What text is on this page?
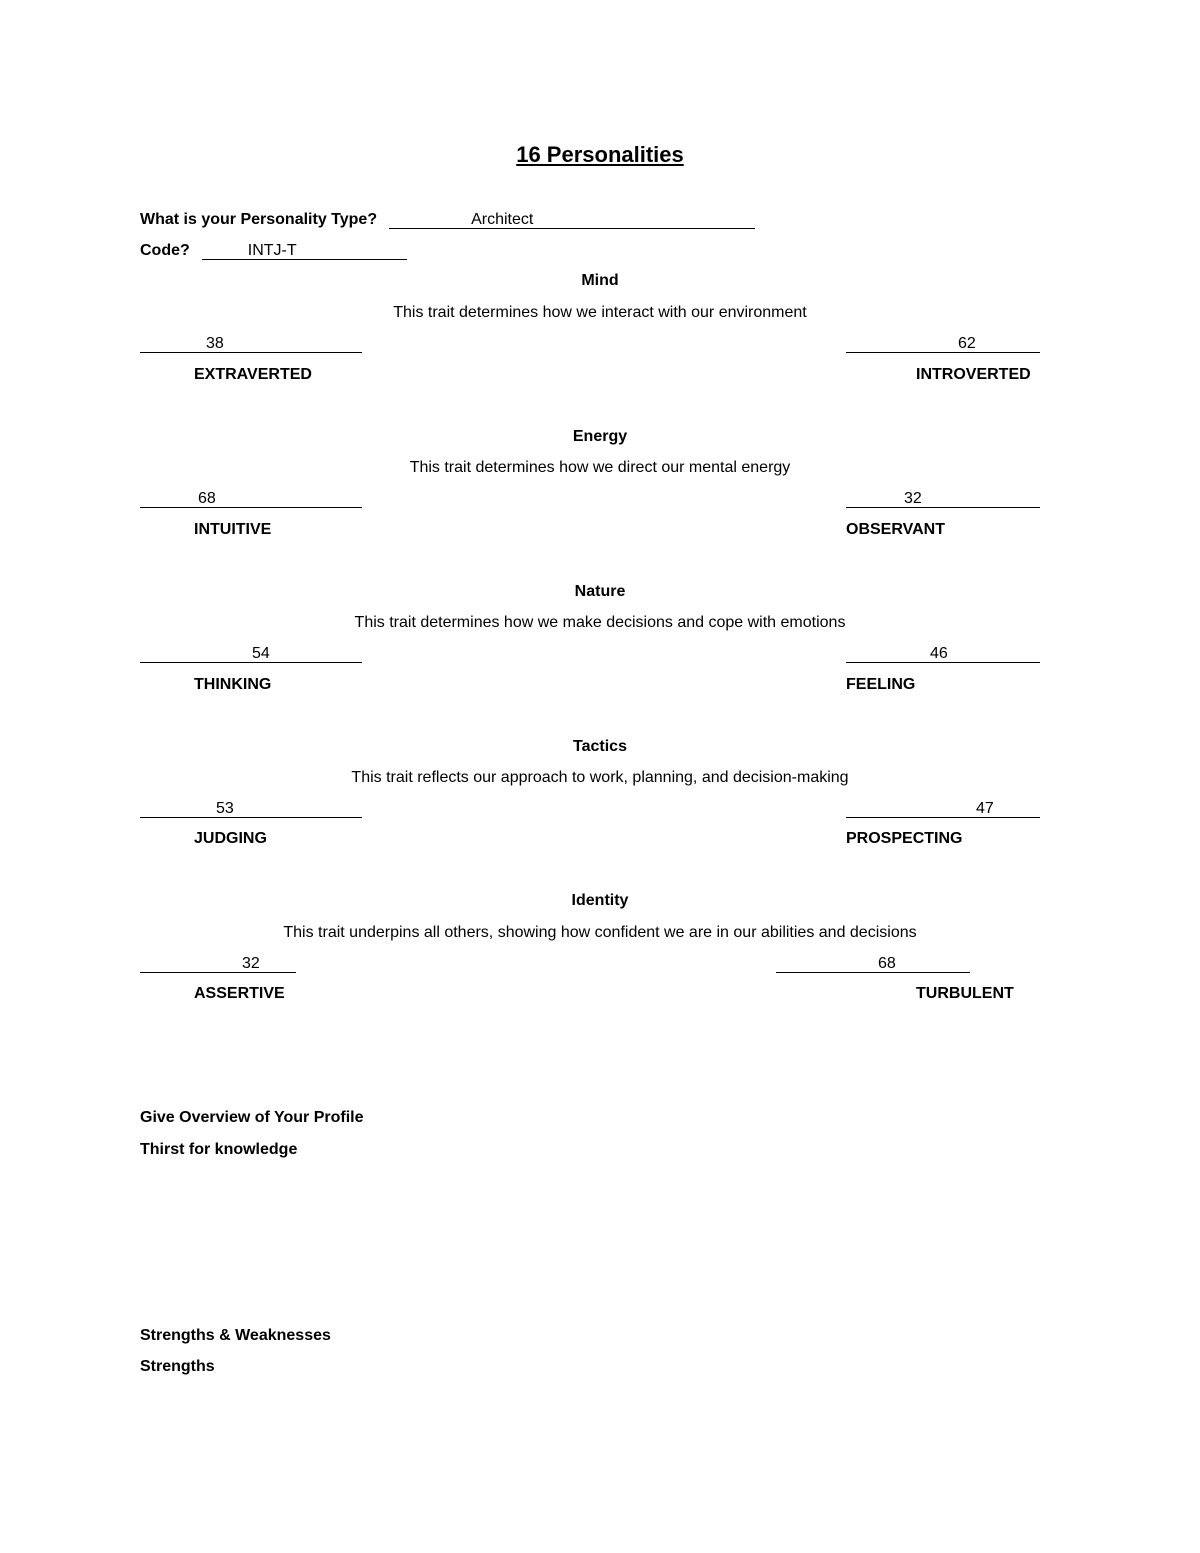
16 Personalities
What is your Personality Type?	Architect
Code?	INTJ-T
Mind
This trait determines how we interact with our environment
38	62
EXTRAVERTED	INTROVERTED
Energy
This trait determines how we direct our mental energy
68	32
INTUITIVE	OBSERVANT
Nature
This trait determines how we make decisions and cope with emotions
54	46
THINKING	FEELING
Tactics
This trait reflects our approach to work, planning, and decision-making
53	47
JUDGING	PROSPECTING
Identity
This trait underpins all others, showing how confident we are in our abilities and decisions
32	68
ASSERTIVE	TURBULENT
Give Overview of Your Profile
Thirst for knowledge
Strengths & Weaknesses
Strengths
